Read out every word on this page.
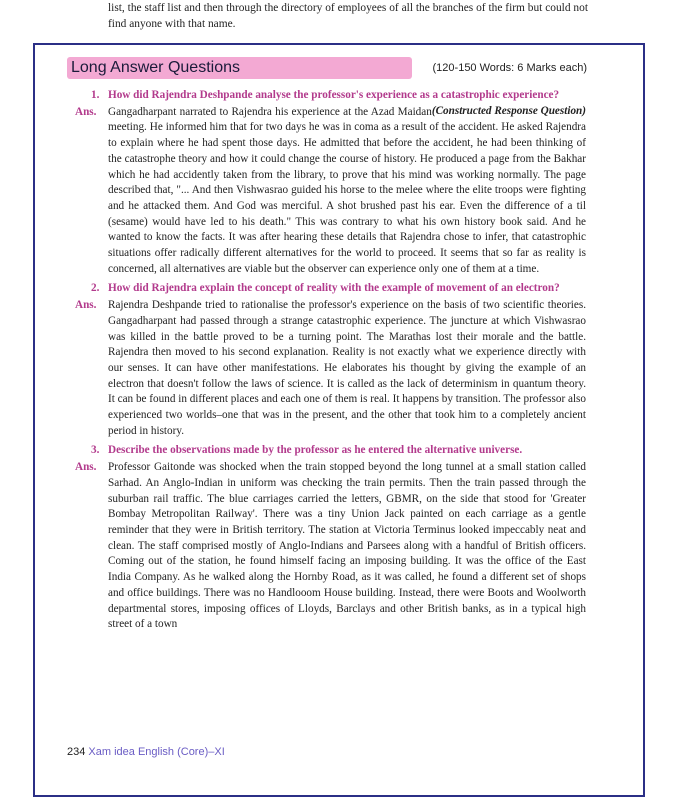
list, the staff list and then through the directory of employees of all the branches of the firm but could not find anyone with that name.
Long Answer Questions	(120-150 Words: 6 Marks each)
1. How did Rajendra Deshpande analyse the professor's experience as a catastrophic experience?
(Constructed Response Question)
Ans. Gangadharpant narrated to Rajendra his experience at the Azad Maidan meeting. He informed him that for two days he was in coma as a result of the accident. He asked Rajendra to explain where he had spent those days. He admitted that before the accident, he had been thinking of the catastrophe theory and how it could change the course of history. He produced a page from the Bakhar which he had accidently taken from the library, to prove that his mind was working normally. The page described that, "... And then Vishwasrao guided his horse to the melee where the elite troops were fighting and he attacked them. And God was merciful. A shot brushed past his ear. Even the difference of a til (sesame) would have led to his death." This was contrary to what his own history book said. And he wanted to know the facts. It was after hearing these details that Rajendra chose to infer, that catastrophic situations offer radically different alternatives for the world to proceed. It seems that so far as reality is concerned, all alternatives are viable but the observer can experience only one of them at a time.
2. How did Rajendra explain the concept of reality with the example of movement of an electron?
Ans. Rajendra Deshpande tried to rationalise the professor's experience on the basis of two scientific theories. Gangadharpant had passed through a strange catastrophic experience. The juncture at which Vishwasrao was killed in the battle proved to be a turning point. The Marathas lost their morale and the battle. Rajendra then moved to his second explanation. Reality is not exactly what we experience directly with our senses. It can have other manifestations. He elaborates his thought by giving the example of an electron that doesn't follow the laws of science. It is called as the lack of determinism in quantum theory. It can be found in different places and each one of them is real. It happens by transition. The professor also experienced two worlds–one that was in the present, and the other that took him to a completely ancient period in history.
3. Describe the observations made by the professor as he entered the alternative universe.
Ans. Professor Gaitonde was shocked when the train stopped beyond the long tunnel at a small station called Sarhad. An Anglo-Indian in uniform was checking the train permits. Then the train passed through the suburban rail traffic. The blue carriages carried the letters, GBMR, on the side that stood for 'Greater Bombay Metropolitan Railway'. There was a tiny Union Jack painted on each carriage as a gentle reminder that they were in British territory. The station at Victoria Terminus looked impeccably neat and clean. The staff comprised mostly of Anglo-Indians and Parsees along with a handful of British officers. Coming out of the station, he found himself facing an imposing building. It was the office of the East India Company. As he walked along the Hornby Road, as it was called, he found a different set of shops and office buildings. There was no Handlooom House building. Instead, there were Boots and Woolworth departmental stores, imposing offices of Lloyds, Barclays and other British banks, as in a typical high street of a town
234 Xam idea English (Core)–XI
